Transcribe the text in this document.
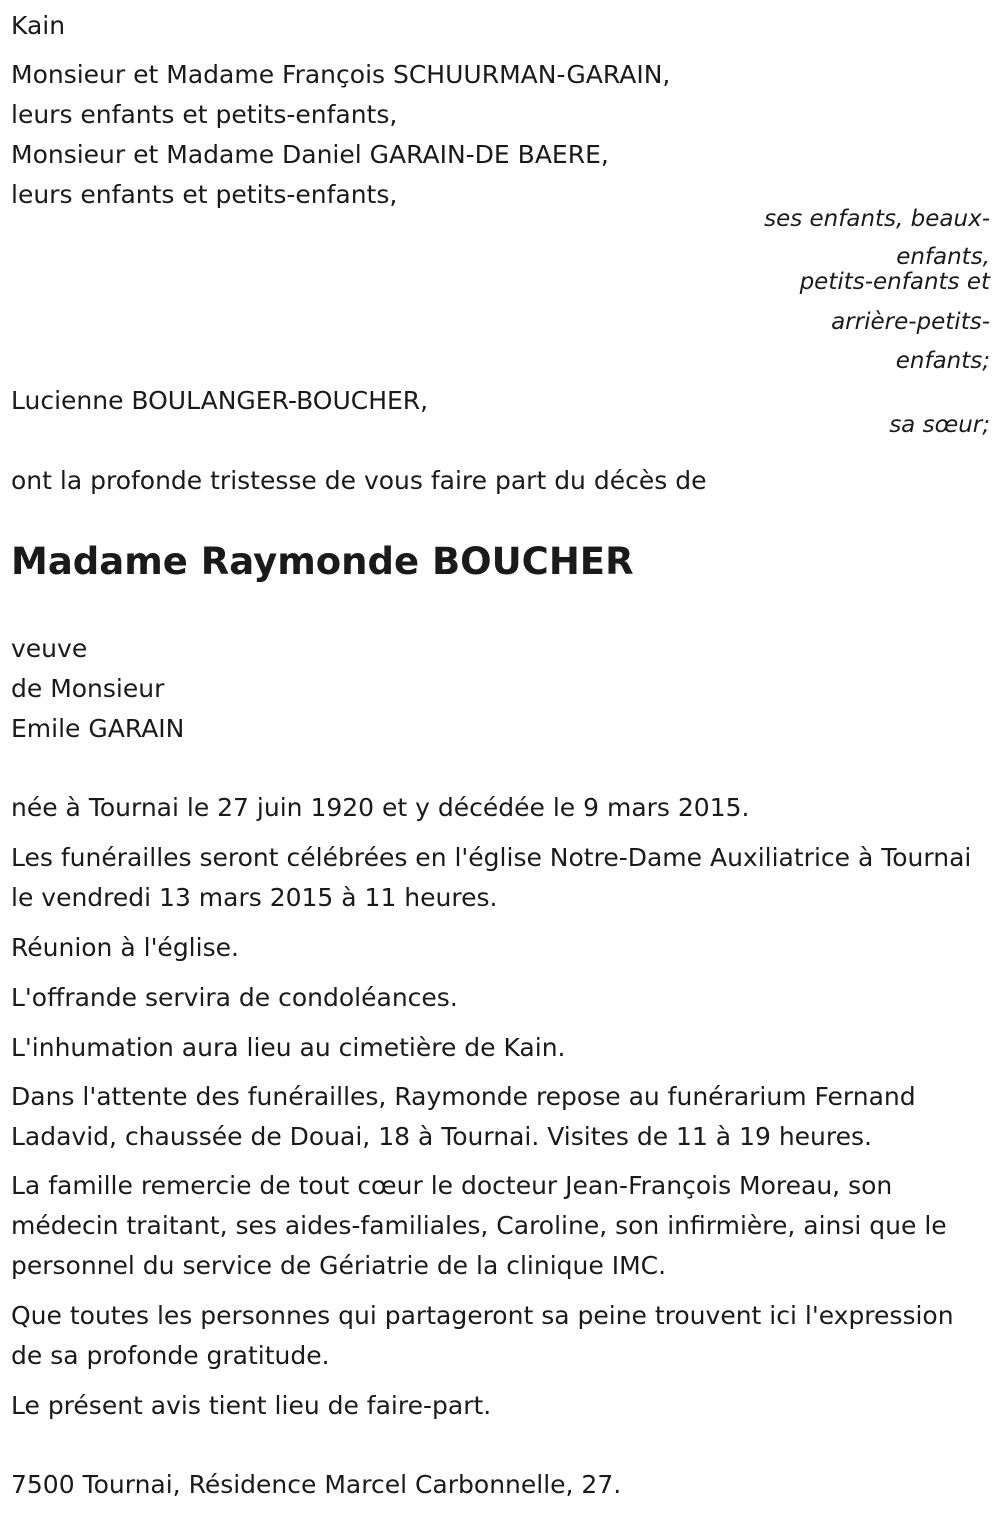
Kain

Monsieur et Madame François SCHUURMAN-GARAIN,

leurs enfants et petits-enfants,

Monsieur et Madame Daniel GARAIN-DE BAERE,

leurs enfants et petits-enfants,

ses enfants, beaux-

enfants,

petits-enfants et

arrière-petits-

enfants;

Lucienne BOULANGER-BOUCHER,

sa sœur;

ont la profonde tristesse de vous faire part du décès de

Madame Raymonde BOUCHER

veuve

de Monsieur

Emile GARAIN

née à Tournai le 27 juin 1920 et y décédée le 9 mars 2015.

Les funérailles seront célébrées en l'église Notre-Dame Auxiliatrice à Tournai le vendredi 13 mars 2015 à 11 heures.

Réunion à l'église.

L'offrande servira de condoléances.

L'inhumation aura lieu au cimetière de Kain.

Dans l'attente des funérailles, Raymonde repose au funérarium Fernand Ladavid, chaussée de Douai, 18 à Tournai. Visites de 11 à 19 heures.

La famille remercie de tout cœur le docteur Jean-François Moreau, son médecin traitant, ses aides-familiales, Caroline, son infirmière, ainsi que le personnel du service de Gériatrie de la clinique IMC.

Que toutes les personnes qui partageront sa peine trouvent ici l'expression de sa profonde gratitude.

Le présent avis tient lieu de faire-part.

7500 Tournai, Résidence Marcel Carbonnelle, 27.
